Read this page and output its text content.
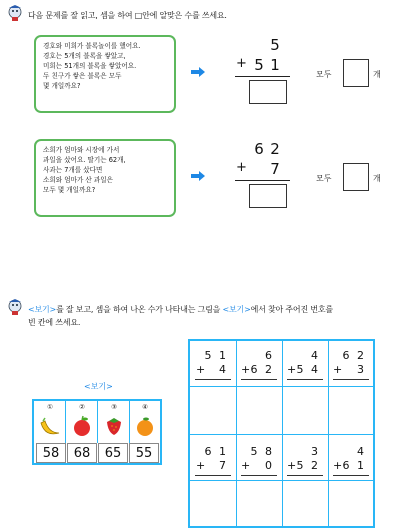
다음 문제를 잘 읽고, 셈을 하여 □안에 알맞은 수를 쓰세요.
경호와 미희가 블록놀이를 했어요.
경호는 5개의 블록을 쌓았고,
미희는 51개의 블록을 쌓았어요.
두 친구가 쌓은 블록은 모두
몇 개일까요?
5
+ 5 1
모두	개
소희가 엄마와 시장에 가서
과일을 샀어요. 딸기는 62개,
사과는 7개를 샀다면
소희와 엄마가 산 과일은
모두 몇 개일까요?
6 2
+ 7
모두	개
<보기>를 잘 보고, 셈을 하여 나온 수가 나타내는 그림을 <보기>에서 찾아 주어진 번호를
빈 칸에 쓰세요.
<보기>
①	②	③	④
58	68	65	55
5 1
+	4
6
+ 6 2
4
+ 5 4
6 2
+	3
6 1
+	7
5 8
+	0
3
+ 5 2
4
+ 6 1
